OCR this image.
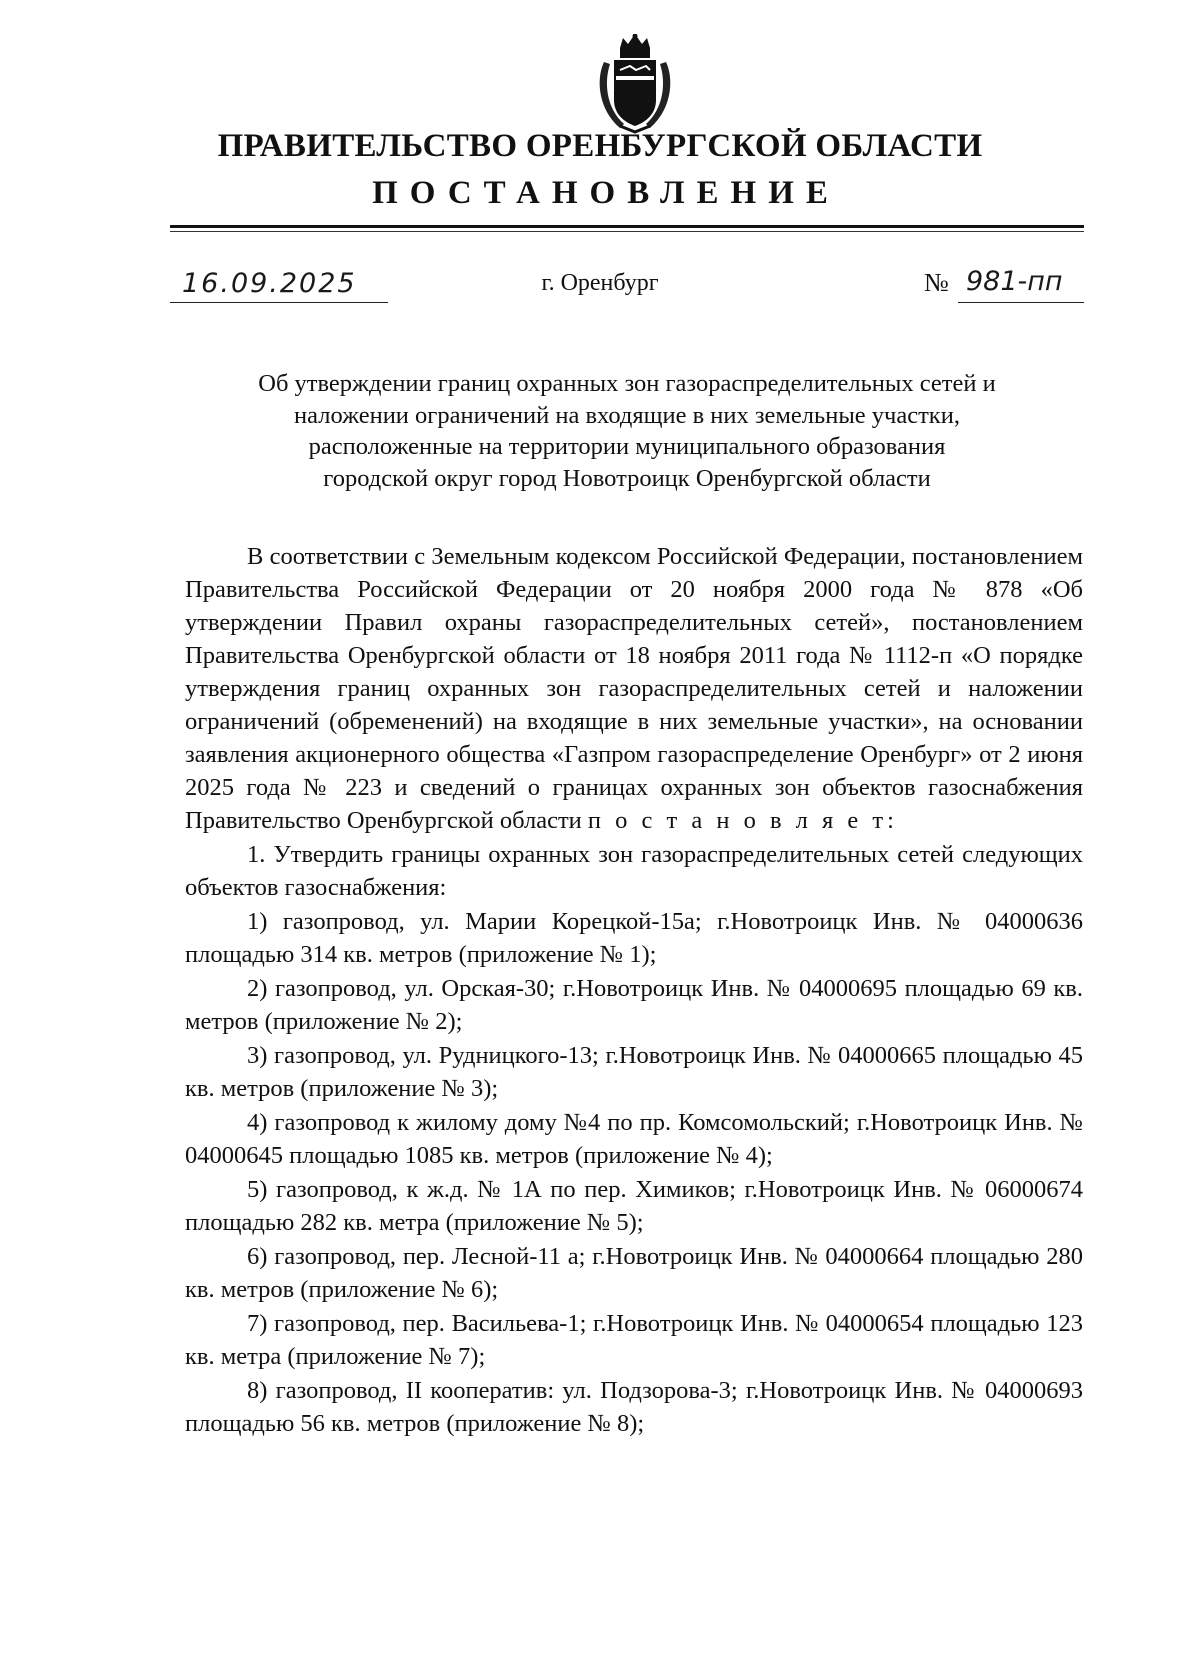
ПРАВИТЕЛЬСТВО ОРЕНБУРГСКОЙ ОБЛАСТИ
ПОСТАНОВЛЕНИЕ
16.09.2025	г. Оренбург	№ 981-пп
Об утверждении границ охранных зон газораспределительных сетей и
наложении ограничений на входящие в них земельные участки,
расположенные на территории муниципального образования
городской округ город Новотроицк Оренбургской области

В соответствии с Земельным кодексом Российской Федерации, постановлением Правительства Российской Федерации от 20 ноября 2000 года № 878 «Об утверждении Правил охраны газораспределительных сетей», постановлением Правительства Оренбургской области от 18 ноября 2011 года № 1112-п «О порядке утверждения границ охранных зон газораспределительных сетей и наложении ограничений (обременений) на входящие в них земельные участки», на основании заявления акционерного общества «Газпром газораспределение Оренбург» от 2 июня 2025 года № 223 и сведений о границах охранных зон объектов газоснабжения Правительство Оренбургской области п о с т а н о в л я е т:

1. Утвердить границы охранных зон газораспределительных сетей следующих объектов газоснабжения:

1) газопровод, ул. Марии Корецкой-15а; г.Новотроицк Инв. № 04000636 площадью 314 кв. метров (приложение № 1);

2) газопровод, ул. Орская-30; г.Новотроицк Инв. № 04000695 площадью 69 кв. метров (приложение № 2);

3) газопровод, ул. Рудницкого-13; г.Новотроицк Инв. № 04000665 площадью 45 кв. метров (приложение № 3);

4) газопровод к жилому дому №4 по пр. Комсомольский; г.Новотроицк Инв. № 04000645 площадью 1085 кв. метров (приложение № 4);

5) газопровод, к ж.д. № 1А по пер. Химиков; г.Новотроицк Инв. № 06000674 площадью 282 кв. метра (приложение № 5);

6) газопровод, пер. Лесной-11 а; г.Новотроицк Инв. № 04000664 площадью 280 кв. метров (приложение № 6);

7) газопровод, пер. Васильева-1; г.Новотроицк Инв. № 04000654 площадью 123 кв. метра (приложение № 7);

8) газопровод, II кооператив: ул. Подзорова-3; г.Новотроицк Инв. № 04000693 площадью 56 кв. метров (приложение № 8);
